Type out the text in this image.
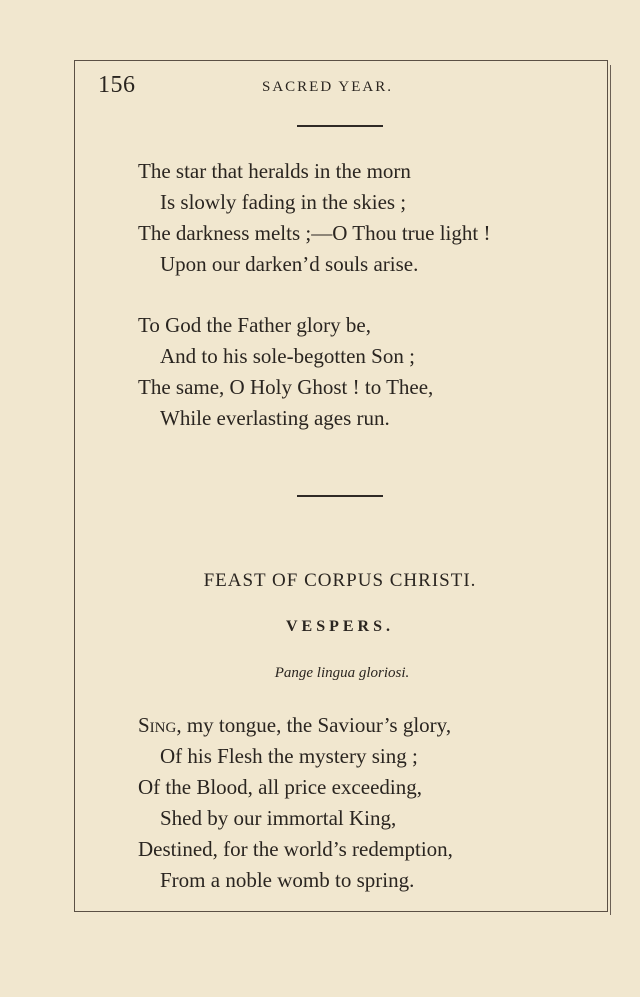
156	SACRED YEAR.
The star that heralds in the morn
Is slowly fading in the skies ;
The darkness melts ;—O Thou true light !
Upon our darken’d souls arise.
To God the Father glory be,
And to his sole-begotten Son ;
The same, O Holy Ghost ! to Thee,
While everlasting ages run.
FEAST OF CORPUS CHRISTI.
VESPERS.
Pange lingua gloriosi.
Sing, my tongue, the Saviour’s glory,
Of his Flesh the mystery sing ;
Of the Blood, all price exceeding,
Shed by our immortal King,
Destined, for the world’s redemption,
From a noble womb to spring.
